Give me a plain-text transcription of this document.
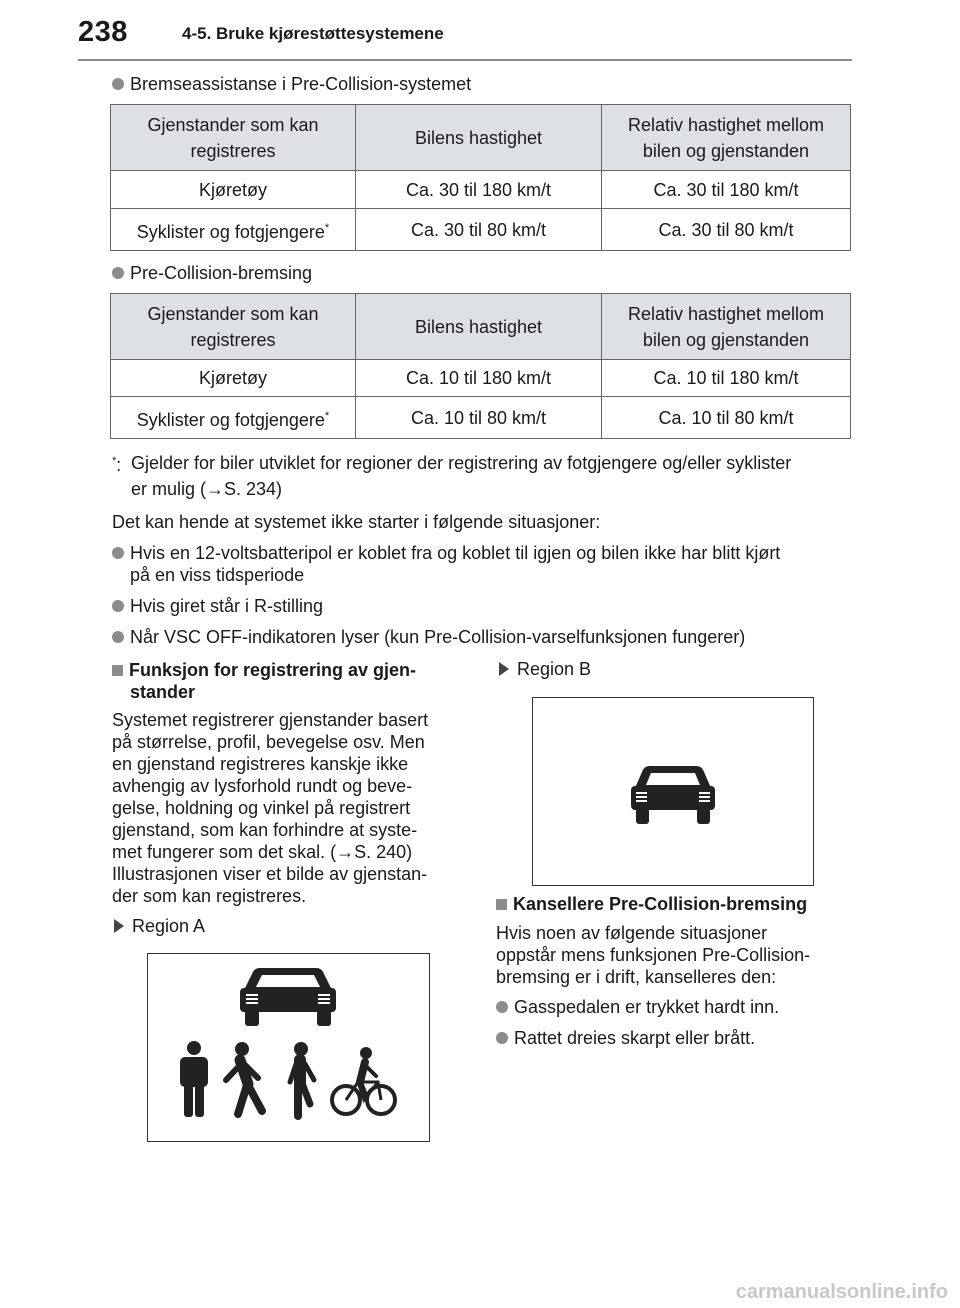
238	4-5. Bruke kjørestøttesystemene
Bremseassistanse i Pre-Collision-systemet
Gjenstander som kan registreres	Bilens hastighet	Relativ hastighet mellom bilen og gjenstanden
Kjøretøy	Ca. 30 til 180 km/t	Ca. 30 til 180 km/t
Syklister og fotgjengere*	Ca. 30 til 80 km/t	Ca. 30 til 80 km/t
Pre-Collision-bremsing
Gjenstander som kan registreres	Bilens hastighet	Relativ hastighet mellom bilen og gjenstanden
Kjøretøy	Ca. 10 til 180 km/t	Ca. 10 til 180 km/t
Syklister og fotgjengere*	Ca. 10 til 80 km/t	Ca. 10 til 80 km/t
*: Gjelder for biler utviklet for regioner der registrering av fotgjengere og/eller syklister
er mulig (→S. 234)
Det kan hende at systemet ikke starter i følgende situasjoner:
Hvis en 12-voltsbatteripol er koblet fra og koblet til igjen og bilen ikke har blitt kjørt
på en viss tidsperiode
Hvis giret står i R-stilling
Når VSC OFF-indikatoren lyser (kun Pre-Collision-varselfunksjonen fungerer)
Funksjon for registrering av gjen-
stander
Systemet registrerer gjenstander basert
på størrelse, profil, bevegelse osv. Men
en gjenstand registreres kanskje ikke
avhengig av lysforhold rundt og beve-
gelse, holdning og vinkel på registrert
gjenstand, som kan forhindre at syste-
met fungerer som det skal. (→S. 240)
Illustrasjonen viser et bilde av gjenstan-
der som kan registreres.
Region A
Region B
Kansellere Pre-Collision-bremsing
Hvis noen av følgende situasjoner
oppstår mens funksjonen Pre-Collision-
bremsing er i drift, kanselleres den:
Gasspedalen er trykket hardt inn.
Rattet dreies skarpt eller brått.
carmanualsonline.info
